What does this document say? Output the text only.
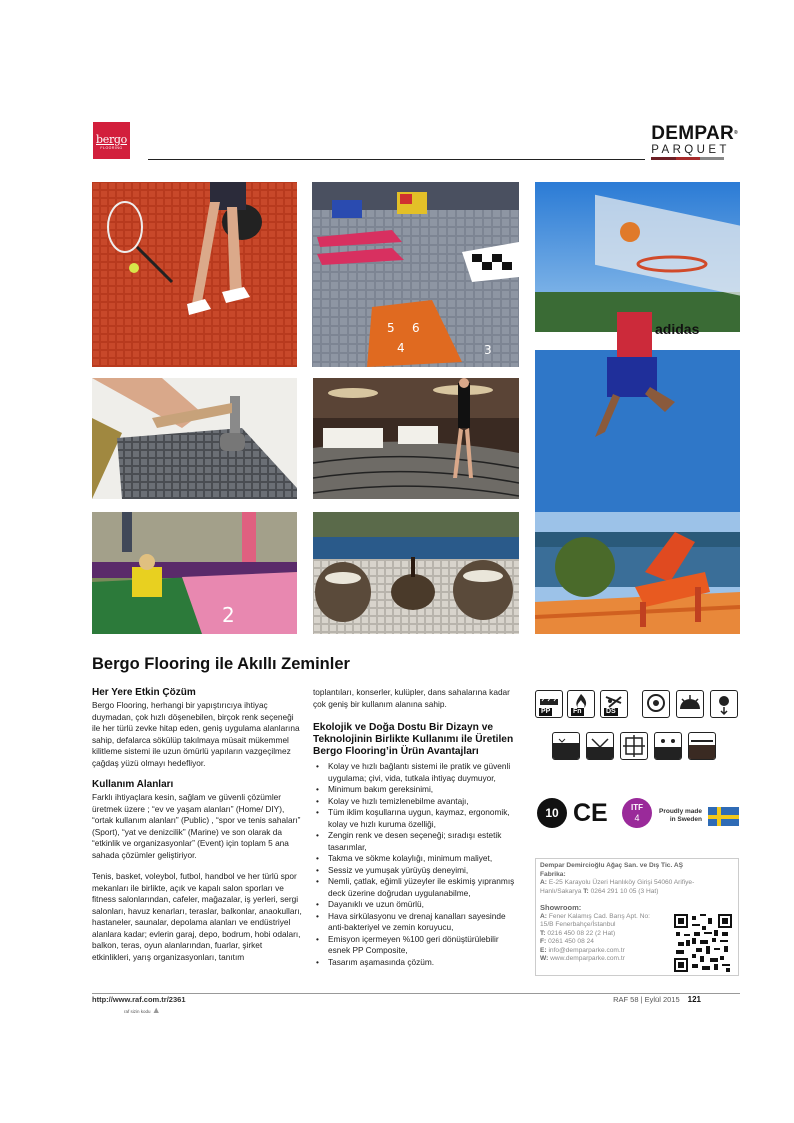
bergo
FLOORING
DEMPAR®
PARQUET
5 6
4	3
adidas
2
Bergo Flooring ile Akıllı Zeminler
Her Yere Etkin Çözüm

Bergo Flooring, herhangi bir yapıştırıcıya ihtiyaç duymadan, çok hızlı döşenebilen, birçok renk seçeneği ile her türlü zevke hitap eden, geniş uygulama alanlarına sahip, defalarca sökülüp takılmaya müsait mükemmel kilitleme sistemi ile uzun ömürlü yapıların vazgeçilmez çağdaş yüzü olmayı hedefliyor.

Kullanım Alanları

Farklı ihtiyaçlara kesin, sağlam ve güvenli çözümler üretmek üzere ; “ev ve yaşam alanları” (Home/ DIY), “ortak kullanım alanları” (Public) , “spor ve tenis sahaları” (Sport), “yat ve denizcilik” (Marine) ve son olarak da “etkinlik ve organizasyonlar” (Event) için toplam 5 ana sahada çözümler geliştiriyor.

Tenis, basket, voleybol, futbol, handbol ve her türlü spor mekanları ile birlikte, açık ve kapalı salon sporları ve fitness salonlarından, cafeler, mağazalar, iş yerleri, sergi salonları, havuz kenarları, teraslar, balkonlar, anaokulları, hastaneler, saunalar, depolama alanları ve endüstriyel alanlara kadar; evlerin garaj, depo, bodrum, hobi odaları, balkon, teras, oyun alanlarından, fuarlar, şirket etkinlikleri, yarış organizasyonları, tanıtım

toplantıları, konserler, kulüpler, dans sahalarına kadar çok geniş bir kullanım alanına sahip.

Ekolojik ve Doğa Dostu Bir Dizayn ve Teknolojinin Birlikte Kullanımı ile Üretilen Bergo Flooring’in Ürün Avantajları
• Kolay ve hızlı bağlantı sistemi ile pratik ve güvenli uygulama; çivi, vida, tutkala ihtiyaç duymuyor,
• Minimum bakım gereksinimi,
• Kolay ve hızlı temizlenebilme avantajı,
• Tüm iklim koşullarına uygun, kaymaz, ergonomik, kolay ve hızlı kuruma özelliği,
• Zengin renk ve desen seçeneği; sıradışı estetik tasarımlar,
• Takma ve sökme kolaylığı, minimum maliyet,
• Sessiz ve yumuşak yürüyüş deneyimi,
• Nemli, çatlak, eğimli yüzeyler ile eskimiş yıpranmış deck üzerine doğrudan uygulanabilme,
• Dayanıklı ve uzun ömürlü,
• Hava sirkülasyonu ve drenaj kanalları sayesinde anti-bakteriyel ve zemin koruyucu,
• Emisyon içermeyen %100 geri dönüştürülebilir esnek PP Composite,
• Tasarım aşamasında çözüm.
PP	Fn	DS
10 CE	ITF
4
Proudly made
in Sweden
Dempar Demircioğlu Ağaç San. ve Dış Tic. AŞ
Fabrika:
A: E-25 Karayolu Üzeri Hanlıköy Girişi 54060 Arifiye-Hanlı/Sakarya T: 0264 291 10 05 (3 Hat)
Showroom:
A: Fener Kalamış Cad. Barış Apt. No: 15/B Fenerbahçe/İstanbul
T: 0216 450 08 22 (2 Hat)
F: 0261 450 08 24
E: info@demparparke.com.tr
W: www.demparparke.com.tr
http://www.raf.com.tr/2361
raf sizin kodu ▲
RAF 58 | Eylül 2015 121
